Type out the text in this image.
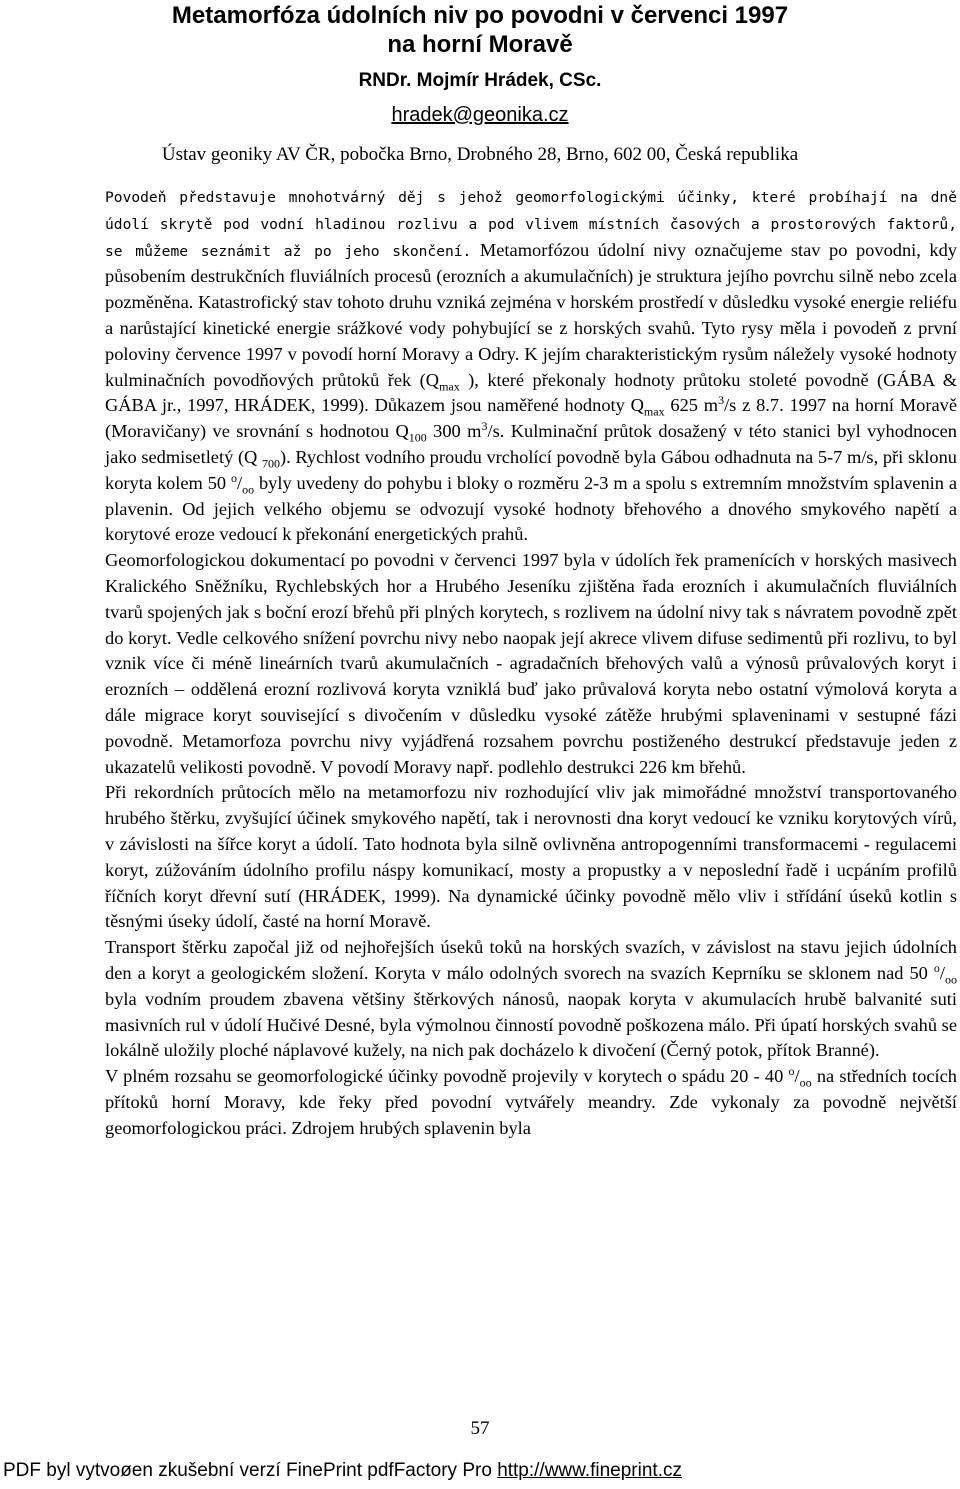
Metamorfóza údolních niv po povodni v červenci 1997
na horní Moravě
RNDr. Mojmír Hrádek, CSc.
hradek@geonika.cz
Ústav geoniky AV ČR, pobočka Brno, Drobného 28, Brno, 602 00, Česká republika

Povodeň představuje mnohotvárný děj s jehož geomorfologickými účinky, které probíhají na dně údolí skrytě pod vodní hladinou rozlivu a pod vlivem místních časových a prostorových faktorů, se můžeme seznámit až po jeho skončení. Metamorfózou údolní nivy označujeme stav po povodni, kdy působením destrukčních fluviálních procesů (erozních a akumulačních) je struktura jejího povrchu silně nebo zcela pozměněna. Katastrofický stav tohoto druhu vzniká zejména v horském prostředí v důsledku vysoké energie reliéfu a narůstající kinetické energie srážkové vody pohybující se z horských svahů. Tyto rysy měla i povodeň z první poloviny července 1997 v povodí horní Moravy a Odry. K jejím charakteristickým rysům náležely vysoké hodnoty kulminačních povodňových průtoků řek ($Q_{max}$ ), které překonaly hodnoty průtoku stoleté povodně (GÁBA & GÁBA jr., 1997, HRÁDEK, 1999). Důkazem jsou naměřené hodnoty $Q_{max}$ 625 $m^3/s$ z 8.7. 1997 na horní Moravě (Moravičany) ve srovnání s hodnotou $Q_{100}$ 300 $m^3/s$. Kulminační průtok dosažený v této stanici byl vyhodnocen jako sedmisetletý (Q $_{700}$). Rychlost vodního proudu vrcholící povodně byla Gábou odhadnuta na 5-7 m/s, při sklonu koryta kolem 50 $^o/_{oo}$ byly uvedeny do pohybu i bloky o rozměru 2-3 m a spolu s extremním množstvím splavenin a plavenin. Od jejich velkého objemu se odvozují vysoké hodnoty břehového a dnového smykového napětí a korytové eroze vedoucí k překonání energetických prahů.

Geomorfologickou dokumentací po povodni v červenci 1997 byla v údolích řek pramenících v horských masivech Kralického Sněžníku, Rychlebských hor a Hrubého Jeseníku zjištěna řada erozních i akumulačních fluviálních tvarů spojených jak s boční erozí břehů při plných korytech, s rozlivem na údolní nivy tak s návratem povodně zpět do koryt. Vedle celkového snížení povrchu nivy nebo naopak její akrece vlivem difuse sedimentů při rozlivu, to byl vznik více či méně lineárních tvarů akumulačních - agradačních břehových valů a výnosů průvalových koryt i erozních – oddělená erozní rozlivová koryta vzniklá buď jako průvalová koryta nebo ostatní výmolová koryta a dále migrace koryt související s divočením v důsledku vysoké zátěže hrubými splaveninami v sestupné fázi povodně. Metamorfoza povrchu nivy vyjádřená rozsahem povrchu postiženého destrukcí představuje jeden z ukazatelů velikosti povodně. V povodí Moravy např. podlehlo destrukci 226 km břehů.

Při rekordních průtocích mělo na metamorfozu niv rozhodující vliv jak mimořádné množství transportovaného hrubého štěrku, zvyšující účinek smykového napětí, tak i nerovnosti dna koryt vedoucí ke vzniku korytových vírů, v závislosti na šířce koryt a údolí. Tato hodnota byla silně ovlivněna antropogenními transformacemi - regulacemi koryt, zúžováním údolního profilu náspy komunikací, mosty a propustky a v neposlední řadě i ucpáním profilů říčních koryt dřevní sutí (HRÁDEK, 1999). Na dynamické účinky povodně mělo vliv i střídání úseků kotlin s těsnými úseky údolí, časté na horní Moravě.

Transport štěrku započal již od nejhořejších úseků toků na horských svazích, v závislost na stavu jejich údolních den a koryt a geologickém složení. Koryta v málo odolných svorech na svazích Keprníku se sklonem nad 50 $^o/_{oo}$ byla vodním proudem zbavena většiny štěrkových nánosů, naopak koryta v akumulacích hrubě balvanité suti masivních rul v údolí Hučivé Desné, byla výmolnou činností povodně poškozena málo. Při úpatí horských svahů se lokálně uložily ploché náplavové kužely, na nich pak docházelo k divočení (Černý potok, přítok Branné).

V plném rozsahu se geomorfologické účinky povodně projevily v korytech o spádu 20 - 40 $^o/_{oo}$ na středních tocích přítoků horní Moravy, kde řeky před povodní vytvářely meandry. Zde vykonaly za povodně největší geomorfologickou práci. Zdrojem hrubých splavenin byla

57
PDF byl vytvoøen zkušební verzí FinePrint pdfFactory Pro http://www.fineprint.cz
